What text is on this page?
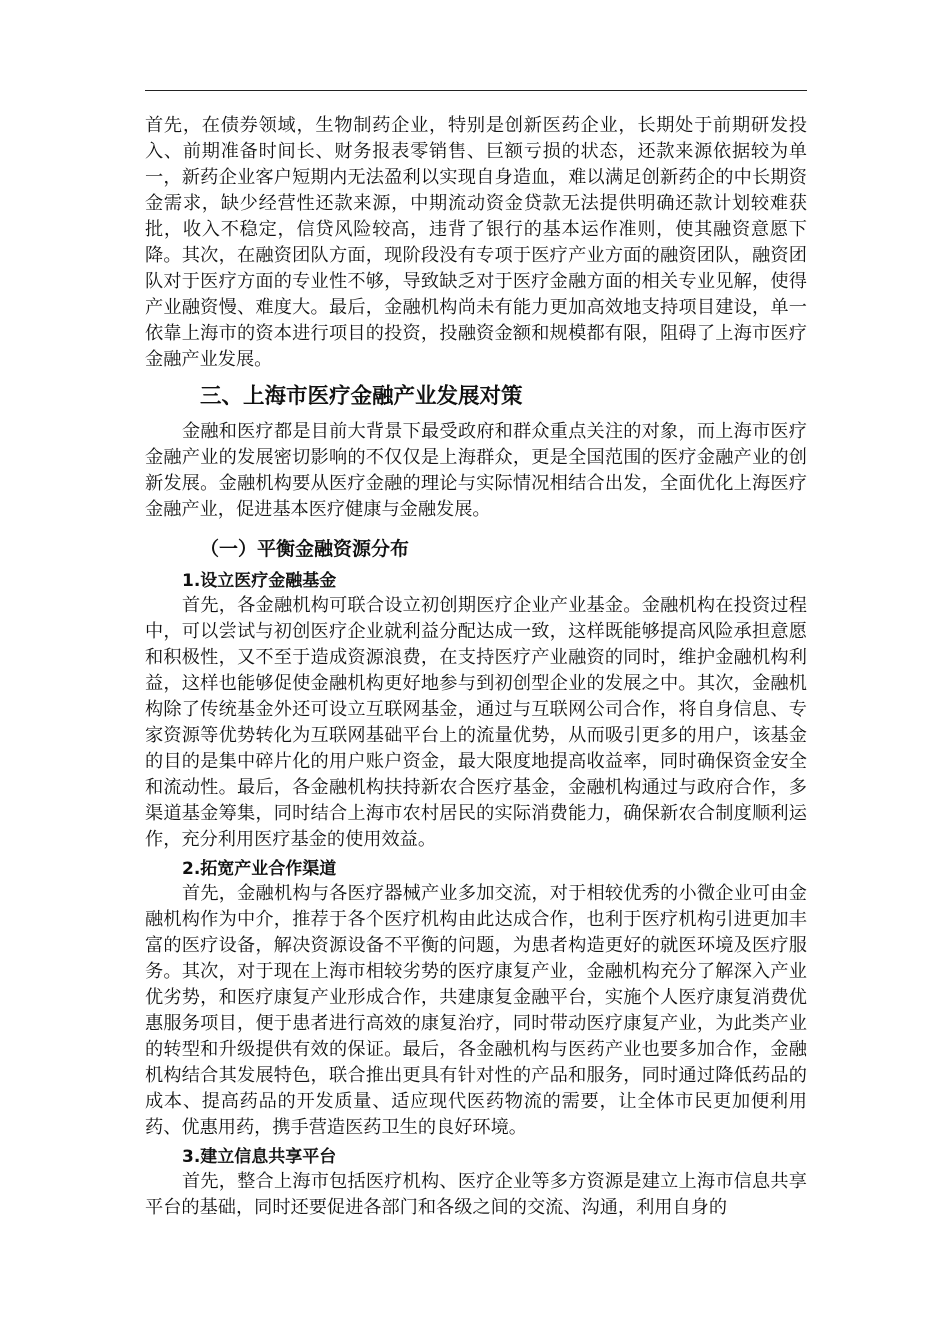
首先，在债券领域，生物制药企业，特别是创新医药企业，长期处于前期研发投入、前期准备时间长、财务报表零销售、巨额亏损的状态，还款来源依据较为单一，新药企业客户短期内无法盈利以实现自身造血，难以满足创新药企的中长期资金需求，缺少经营性还款来源，中期流动资金贷款无法提供明确还款计划较难获批，收入不稳定，信贷风险较高，违背了银行的基本运作准则，使其融资意愿下降。其次，在融资团队方面，现阶段没有专项于医疗产业方面的融资团队，融资团队对于医疗方面的专业性不够，导致缺乏对于医疗金融方面的相关专业见解，使得产业融资慢、难度大。最后，金融机构尚未有能力更加高效地支持项目建设，单一依靠上海市的资本进行项目的投资，投融资金额和规模都有限，阻碍了上海市医疗金融产业发展。

三、上海市医疗金融产业发展对策

金融和医疗都是目前大背景下最受政府和群众重点关注的对象，而上海市医疗金融产业的发展密切影响的不仅仅是上海群众，更是全国范围的医疗金融产业的创新发展。金融机构要从医疗金融的理论与实际情况相结合出发，全面优化上海医疗金融产业，促进基本医疗健康与金融发展。

（一）平衡金融资源分布
1.设立医疗金融基金

首先，各金融机构可联合设立初创期医疗企业产业基金。金融机构在投资过程中，可以尝试与初创医疗企业就利益分配达成一致，这样既能够提高风险承担意愿和积极性，又不至于造成资源浪费，在支持医疗产业融资的同时，维护金融机构利益，这样也能够促使金融机构更好地参与到初创型企业的发展之中。其次，金融机构除了传统基金外还可设立互联网基金，通过与互联网公司合作，将自身信息、专家资源等优势转化为互联网基础平台上的流量优势，从而吸引更多的用户，该基金的目的是集中碎片化的用户账户资金，最大限度地提高收益率，同时确保资金安全和流动性。最后，各金融机构扶持新农合医疗基金，金融机构通过与政府合作，多渠道基金筹集，同时结合上海市农村居民的实际消费能力，确保新农合制度顺利运作，充分利用医疗基金的使用效益。

2.拓宽产业合作渠道

首先，金融机构与各医疗器械产业多加交流，对于相较优秀的小微企业可由金融机构作为中介，推荐于各个医疗机构由此达成合作，也利于医疗机构引进更加丰富的医疗设备，解决资源设备不平衡的问题，为患者构造更好的就医环境及医疗服务。其次，对于现在上海市相较劣势的医疗康复产业，金融机构充分了解深入产业优劣势，和医疗康复产业形成合作，共建康复金融平台，实施个人医疗康复消费优惠服务项目，便于患者进行高效的康复治疗，同时带动医疗康复产业，为此类产业的转型和升级提供有效的保证。最后，各金融机构与医药产业也要多加合作，金融机构结合其发展特色，联合推出更具有针对性的产品和服务，同时通过降低药品的成本、提高药品的开发质量、适应现代医药物流的需要，让全体市民更加便利用药、优惠用药，携手营造医药卫生的良好环境。

3.建立信息共享平台

首先，整合上海市包括医疗机构、医疗企业等多方资源是建立上海市信息共享平台的基础，同时还要促进各部门和各级之间的交流、沟通，利用自身的
